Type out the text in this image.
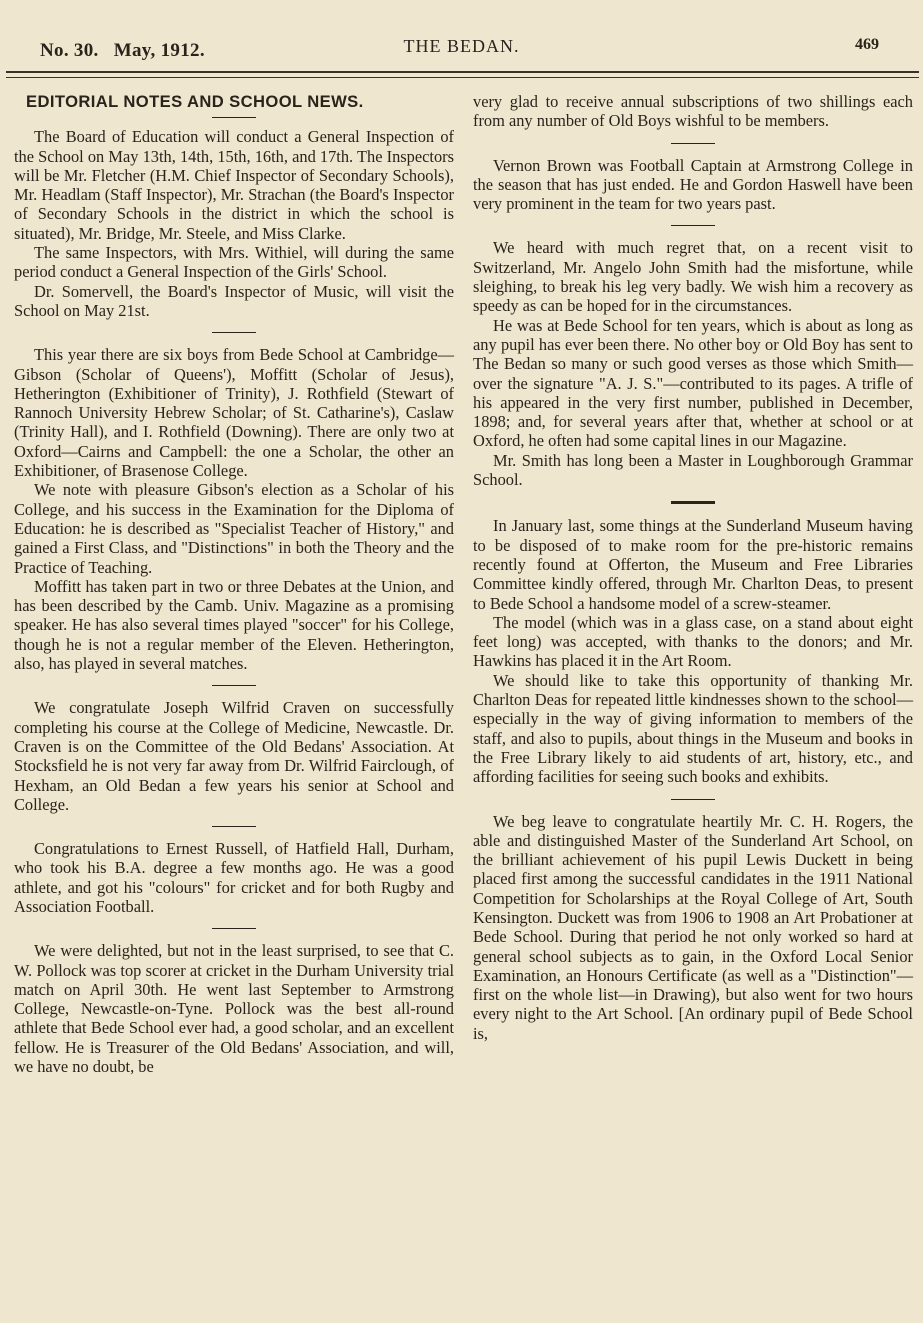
No. 30. May, 1912.	THE BEDAN.	469
EDITORIAL NOTES AND SCHOOL NEWS.

The Board of Education will conduct a General Inspection of the School on May 13th, 14th, 15th, 16th, and 17th. The Inspectors will be Mr. Fletcher (H.M. Chief Inspector of Secondary Schools), Mr. Headlam (Staff Inspector), Mr. Strachan (the Board's Inspector of Secondary Schools in the district in which the school is situated), Mr. Bridge, Mr. Steele, and Miss Clarke.

The same Inspectors, with Mrs. Withiel, will during the same period conduct a General Inspection of the Girls' School.

Dr. Somervell, the Board's Inspector of Music, will visit the School on May 21st.

This year there are six boys from Bede School at Cambridge—Gibson (Scholar of Queens'), Moffitt (Scholar of Jesus), Hetherington (Exhibitioner of Trinity), J. Rothfield (Stewart of Rannoch University Hebrew Scholar; of St. Catharine's), Caslaw (Trinity Hall), and I. Rothfield (Downing). There are only two at Oxford—Cairns and Campbell: the one a Scholar, the other an Exhibitioner, of Brasenose College.

We note with pleasure Gibson's election as a Scholar of his College, and his success in the Examination for the Diploma of Education: he is described as "Specialist Teacher of History," and gained a First Class, and "Distinctions" in both the Theory and the Practice of Teaching.

Moffitt has taken part in two or three Debates at the Union, and has been described by the Camb. Univ. Magazine as a promising speaker. He has also several times played "soccer" for his College, though he is not a regular member of the Eleven. Hetherington, also, has played in several matches.

We congratulate Joseph Wilfrid Craven on successfully completing his course at the College of Medicine, Newcastle. Dr. Craven is on the Committee of the Old Bedans' Association. At Stocksfield he is not very far away from Dr. Wilfrid Fairclough, of Hexham, an Old Bedan a few years his senior at School and College.

Congratulations to Ernest Russell, of Hatfield Hall, Durham, who took his B.A. degree a few months ago. He was a good athlete, and got his "colours" for cricket and for both Rugby and Association Football.

We were delighted, but not in the least surprised, to see that C. W. Pollock was top scorer at cricket in the Durham University trial match on April 30th. He went last September to Armstrong College, Newcastle-on-Tyne. Pollock was the best all-round athlete that Bede School ever had, a good scholar, and an excellent fellow. He is Treasurer of the Old Bedans' Association, and will, we have no doubt, be

very glad to receive annual subscriptions of two shillings each from any number of Old Boys wishful to be members.

Vernon Brown was Football Captain at Armstrong College in the season that has just ended. He and Gordon Haswell have been very prominent in the team for two years past.

We heard with much regret that, on a recent visit to Switzerland, Mr. Angelo John Smith had the misfortune, while sleighing, to break his leg very badly. We wish him a recovery as speedy as can be hoped for in the circumstances.

He was at Bede School for ten years, which is about as long as any pupil has ever been there. No other boy or Old Boy has sent to The Bedan so many or such good verses as those which Smith—over the signature "A. J. S."—contributed to its pages. A trifle of his appeared in the very first number, published in December, 1898; and, for several years after that, whether at school or at Oxford, he often had some capital lines in our Magazine.

Mr. Smith has long been a Master in Loughborough Grammar School.

In January last, some things at the Sunderland Museum having to be disposed of to make room for the pre-historic remains recently found at Offerton, the Museum and Free Libraries Committee kindly offered, through Mr. Charlton Deas, to present to Bede School a handsome model of a screw-steamer.

The model (which was in a glass case, on a stand about eight feet long) was accepted, with thanks to the donors; and Mr. Hawkins has placed it in the Art Room.

We should like to take this opportunity of thanking Mr. Charlton Deas for repeated little kindnesses shown to the school—especially in the way of giving information to members of the staff, and also to pupils, about things in the Museum and books in the Free Library likely to aid students of art, history, etc., and affording facilities for seeing such books and exhibits.

We beg leave to congratulate heartily Mr. C. H. Rogers, the able and distinguished Master of the Sunderland Art School, on the brilliant achievement of his pupil Lewis Duckett in being placed first among the successful candidates in the 1911 National Competition for Scholarships at the Royal College of Art, South Kensington. Duckett was from 1906 to 1908 an Art Probationer at Bede School. During that period he not only worked so hard at general school subjects as to gain, in the Oxford Local Senior Examination, an Honours Certificate (as well as a "Distinction"—first on the whole list—in Drawing), but also went for two hours every night to the Art School. [An ordinary pupil of Bede School is,
